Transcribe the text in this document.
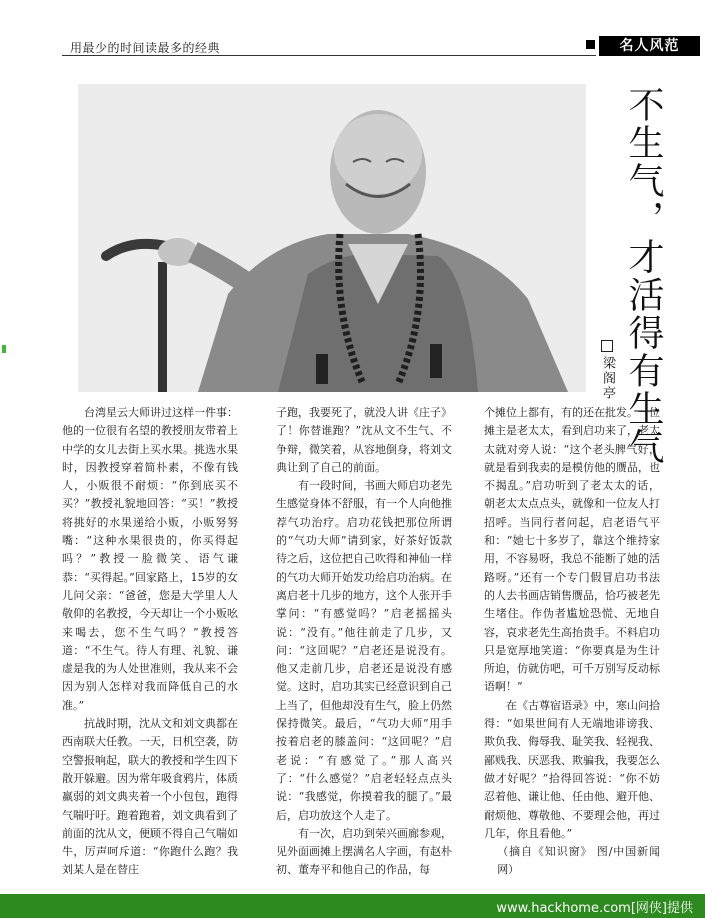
用最少的时间读最多的经典	名人风范
不生气，才活得有生气
梁阁亭

台湾星云大师讲过这样一件事：他的一位很有名望的教授朋友带着上中学的女儿去街上买水果。挑选水果时，因教授穿着简朴素，不像有钱人，小贩很不耐烦：“你到底买不买？”教授礼貌地回答：“买！”教授将挑好的水果递给小贩，小贩努努嘴：“这种水果很贵的，你买得起吗？”教授一脸微笑、语气谦恭：“买得起。”回家路上，15岁的女儿问父亲：“爸爸，您是大学里人人敬仰的名教授，今天却让一个小贩吆来喝去，您不生气吗？”教授答道：“不生气。待人有理、礼貌、谦虚是我的为人处世准则，我从来不会因为别人怎样对我而降低自己的水准。”

抗战时期，沈从文和刘文典都在西南联大任教。一天，日机空袭，防空警报响起，联大的教授和学生四下散开躲避。因为常年吸食鸦片，体质羸弱的刘文典夹着一个小包包，跑得气喘吁吁。跑着跑着，刘文典看到了前面的沈从文，便顾不得自己气喘如牛，厉声呵斥道：“你跑什么跑？我刘某人是在替庄

子跑，我要死了，就没人讲《庄子》了！你替谁跑？”沈从文不生气、不争辩，微笑着，从容地倒身，将刘文典让到了自己的前面。

有一段时间，书画大师启功老先生感觉身体不舒服，有一个人向他推荐气功治疗。启功花钱把那位所谓的“气功大师”请到家，好茶好饭款待之后，这位把自己吹得和神仙一样的气功大师开始发功给启功治病。在离启老十几步的地方，这个人张开手掌问：“有感觉吗？”启老摇摇头说：“没有。”他往前走了几步，又问：“这回呢？”启老还是说没有。他又走前几步，启老还是说没有感觉。这时，启功其实已经意识到自己上当了，但他却没有生气，脸上仍然保持微笑。最后，“气功大师”用手按着启老的膝盖问：“这回呢？”启老说：“有感觉了。”那人高兴了：“什么感觉？”启老轻轻点点头说：“我感觉，你摸着我的腿了。”最后，启功放这个人走了。

有一次，启功到荣兴画廊参观，见外面画摊上摆满名人字画，有赵朴初、董寿平和他自己的作品，每

个摊位上都有，有的还在批发。一位摊主是老太太，看到启功来了，老太太就对旁人说：“这个老头脾气好，就是看到我卖的是模仿他的赝品，也不揭乱。”启功听到了老太太的话，朝老太太点点头，就像和一位友人打招呼。当同行者问起，启老语气平和：“她七十多岁了，靠这个维持家用，不容易呀，我总不能断了她的活路呀。”还有一个专门假冒启功书法的人去书画店销售赝品，恰巧被老先生堵住。作伪者尴尬恐慌、无地自容，哀求老先生高抬贵手。不料启功只是宽厚地笑道：“你要真是为生计所迫，仿就仿吧，可千万别写反动标语啊！”

在《古尊宿语录》中，寒山问拾得：“如果世间有人无端地诽谤我、欺负我、侮辱我、耻笑我、轻视我、鄙贱我、厌恶我、欺骗我，我要怎么做才好呢？”拾得回答说：“你不妨忍着他、谦让他、任由他、避开他、耐烦他、尊敬他、不要理会他，再过几年，你且看他。”

（摘自《知识窗》 图/中国新闻网）

www.hackhome.com[网侠]提供
